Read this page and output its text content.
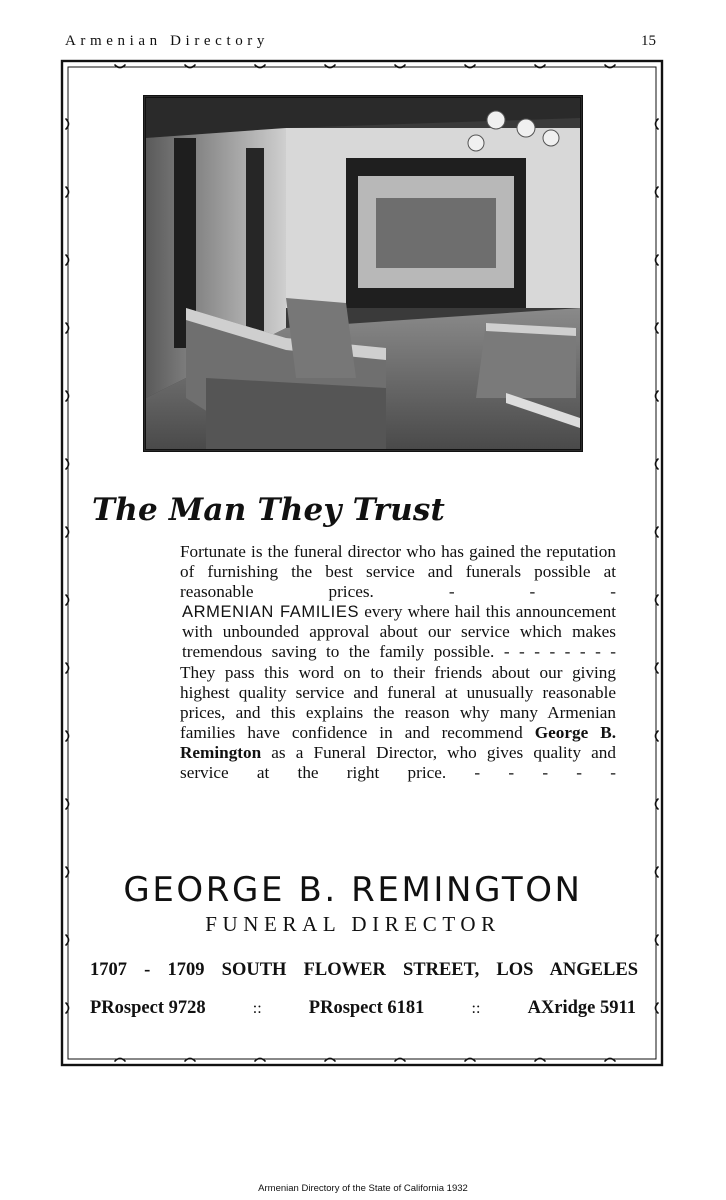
Armenian Directory	15
The Man They Trust

Fortunate is the funeral director who has gained the reputation of furnishing the best service and funerals possible at reasonable prices. - - -

ARMENIAN FAMILIES every where hail this announcement with unbounded approval about our service which makes tremendous saving to the family possible. - - - - - - - -

They pass this word on to their friends about our giving highest quality service and funeral at unusually reasonable prices, and this explains the reason why many Armenian families have confidence in and recommend George B. Remington as a Funeral Director, who gives quality and service at the right price. - - - - -

GEORGE B. REMINGTON
FUNERAL DIRECTOR
1707 - 1709 SOUTH FLOWER STREET, LOS ANGELES
PRospect 9728	::	PRospect 6181	::	AXridge 5911
Armenian Directory of the State of California 1932
